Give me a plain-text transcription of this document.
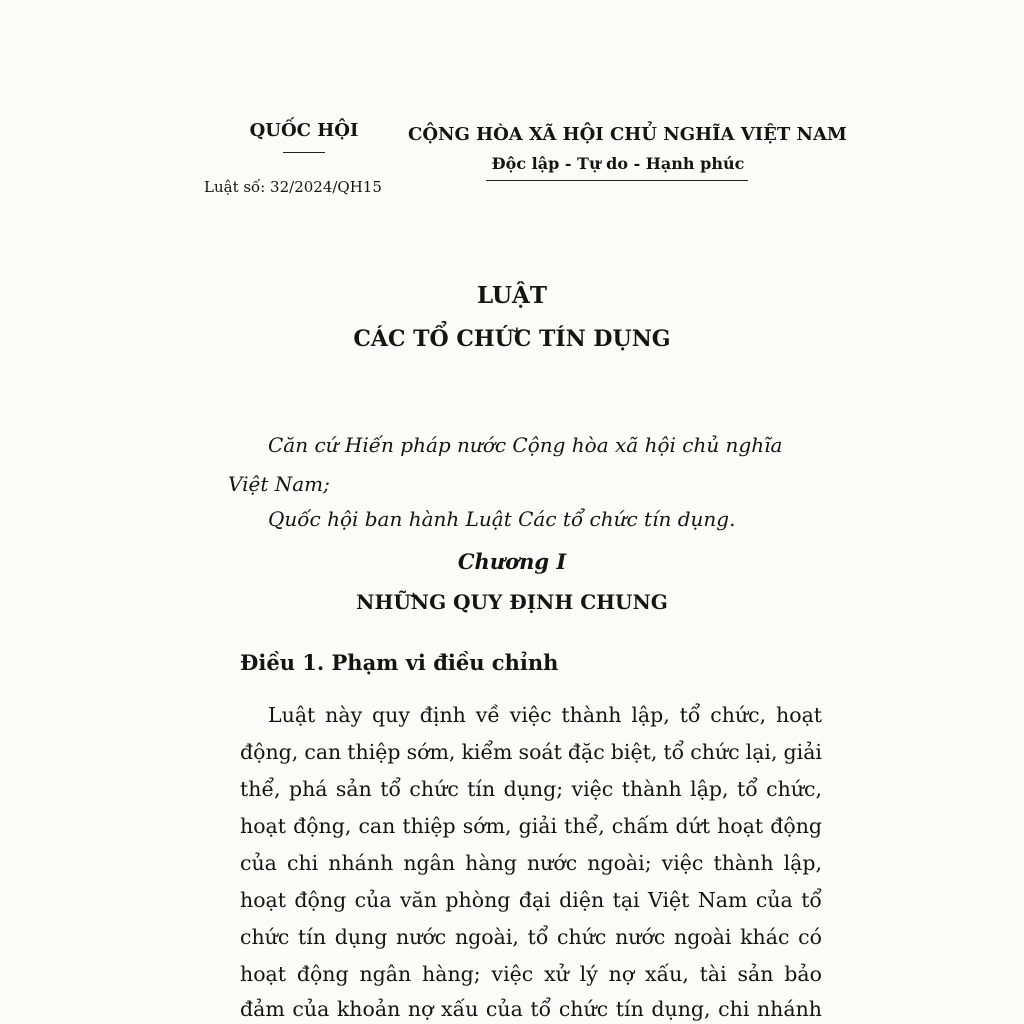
QUỐC HỘI
Luật số: 32/2024/QH15
CỘNG HÒA XÃ HỘI CHỦ NGHĨA VIỆT NAM
Độc lập - Tự do - Hạnh phúc
LUẬT
CÁC TỔ CHỨC TÍN DỤNG
Căn cứ Hiến pháp nước Cộng hòa xã hội chủ nghĩa
Việt Nam;
Quốc hội ban hành Luật Các tổ chức tín dụng.
Chương I
NHỮNG QUY ĐỊNH CHUNG
Điều 1. Phạm vi điều chỉnh
Luật này quy định về việc thành lập, tổ chức, hoạt
động, can thiệp sớm, kiểm soát đặc biệt, tổ chức lại, giải
thể, phá sản tổ chức tín dụng; việc thành lập, tổ chức,
hoạt động, can thiệp sớm, giải thể, chấm dứt hoạt động
của chi nhánh ngân hàng nước ngoài; việc thành lập,
hoạt động của văn phòng đại diện tại Việt Nam của tổ
chức tín dụng nước ngoài, tổ chức nước ngoài khác có
hoạt động ngân hàng; việc xử lý nợ xấu, tài sản bảo
đảm của khoản nợ xấu của tổ chức tín dụng, chi nhánh
